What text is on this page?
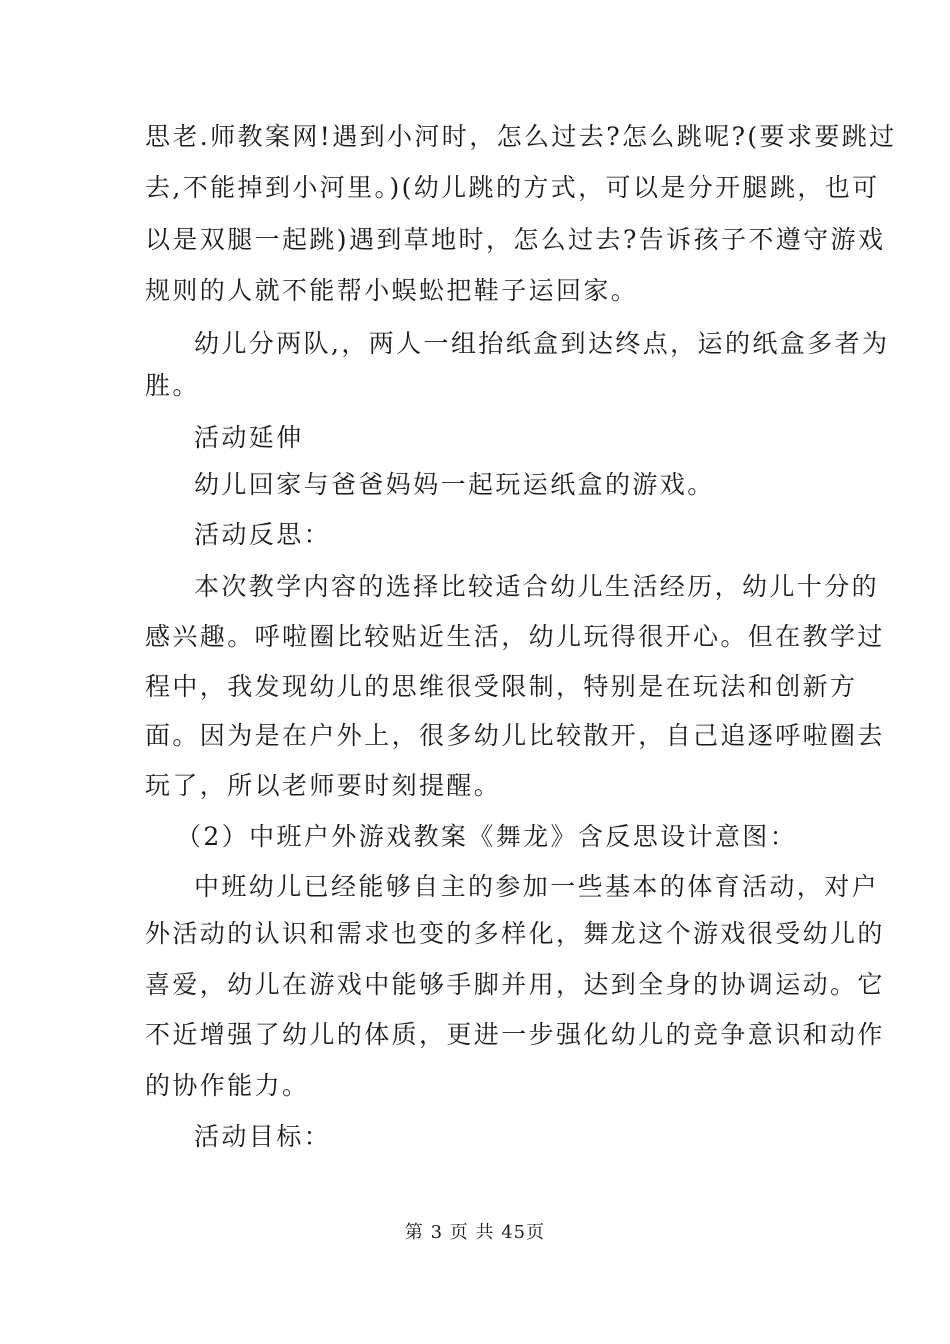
思老.师教案网!遇到小河时，怎么过去?怎么跳呢?(要求要跳过
去,不能掉到小河里。)(幼儿跳的方式，可以是分开腿跳，也可
以是双腿一起跳)遇到草地时，怎么过去?告诉孩子不遵守游戏
规则的人就不能帮小蜈蚣把鞋子运回家。
幼儿分两队,，两人一组抬纸盒到达终点，运的纸盒多者为
胜。
活动延伸
幼儿回家与爸爸妈妈一起玩运纸盒的游戏。
活动反思：
本次教学内容的选择比较适合幼儿生活经历，幼儿十分的
感兴趣。呼啦圈比较贴近生活，幼儿玩得很开心。但在教学过
程中，我发现幼儿的思维很受限制，特别是在玩法和创新方
面。因为是在户外上，很多幼儿比较散开，自己追逐呼啦圈去
玩了，所以老师要时刻提醒。
（2）中班户外游戏教案《舞龙》含反思设计意图：
中班幼儿已经能够自主的参加一些基本的体育活动，对户
外活动的认识和需求也变的多样化，舞龙这个游戏很受幼儿的
喜爱，幼儿在游戏中能够手脚并用，达到全身的协调运动。它
不近增强了幼儿的体质，更进一步强化幼儿的竞争意识和动作
的协作能力。
活动目标：
第 3 页 共 45页
